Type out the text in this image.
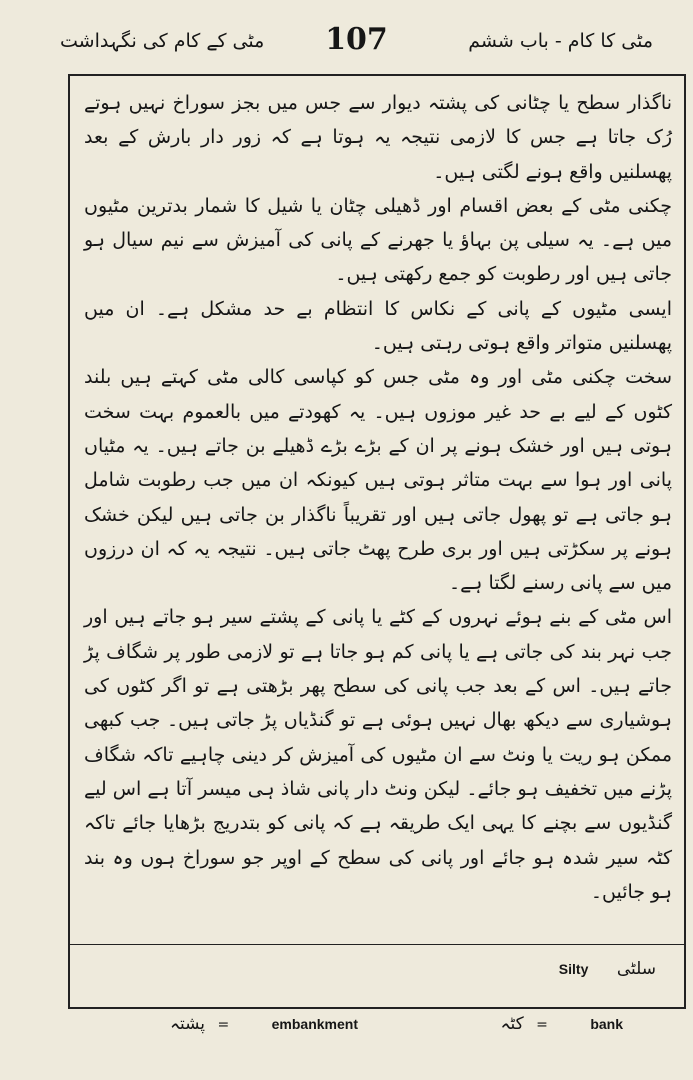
مٹی کے کام کی نگہداشت	107	مٹی کا کام - باب ششم

ناگذار سطح یا چٹانی کی پشتہ دیوار سے جس میں بجز سوراخ نہیں ہوتے رُک جاتا ہے جس کا لازمی نتیجہ یہ ہوتا ہے کہ زور دار بارش کے بعد پھسلنیں واقع ہونے لگتی ہیں۔

چکنی مٹی کے بعض اقسام اور ڈھیلی چٹان یا شیل کا شمار بدترین مٹیوں میں ہے۔ یہ سیلی پن بہاؤ یا جھرنے کے پانی کی آمیزش سے نیم سیال ہو جاتی ہیں اور رطوبت کو جمع رکھتی ہیں۔

ایسی مٹیوں کے پانی کے نکاس کا انتظام بے حد مشکل ہے۔ ان میں پھسلنیں متواتر واقع ہوتی رہتی ہیں۔

سخت چکنی مٹی اور وہ مٹی جس کو کپاسی کالی مٹی کہتے ہیں بلند کٹوں کے لیے بے حد غیر موزوں ہیں۔ یہ کھودتے میں بالعموم بہت سخت ہوتی ہیں اور خشک ہونے پر ان کے بڑے بڑے ڈھیلے بن جاتے ہیں۔ یہ مٹیاں پانی اور ہوا سے بہت متاثر ہوتی ہیں کیونکہ ان میں جب رطوبت شامل ہو جاتی ہے تو پھول جاتی ہیں اور تقریباً ناگذار بن جاتی ہیں لیکن خشک ہونے پر سکڑتی ہیں اور بری طرح پھٹ جاتی ہیں۔ نتیجہ یہ کہ ان درزوں میں سے پانی رسنے لگتا ہے۔

اس مٹی کے بنے ہوئے نہروں کے کٹے یا پانی کے پشتے سیر ہو جاتے ہیں اور جب نہر بند کی جاتی ہے یا پانی کم ہو جاتا ہے تو لازمی طور پر شگاف پڑ جاتے ہیں۔ اس کے بعد جب پانی کی سطح پھر بڑھتی ہے تو اگر کٹوں کی ہوشیاری سے دیکھ بھال نہیں ہوئی ہے تو گنڈیاں پڑ جاتی ہیں۔ جب کبھی ممکن ہو ریت یا ونٹ سے ان مٹیوں کی آمیزش کر دینی چاہیے تاکہ شگاف پڑنے میں تخفیف ہو جائے۔ لیکن ونٹ دار پانی شاذ ہی میسر آتا ہے اس لیے گنڈیوں سے بچنے کا یہی ایک طریقہ ہے کہ پانی کو بتدریج بڑھایا جائے تاکہ کٹہ سیر شدہ ہو جائے اور پانی کی سطح کے اوپر جو سوراخ ہوں وہ بند ہو جائیں۔

Silty سلٹی
پشتہ =	embankment	کٹہ =	bank
